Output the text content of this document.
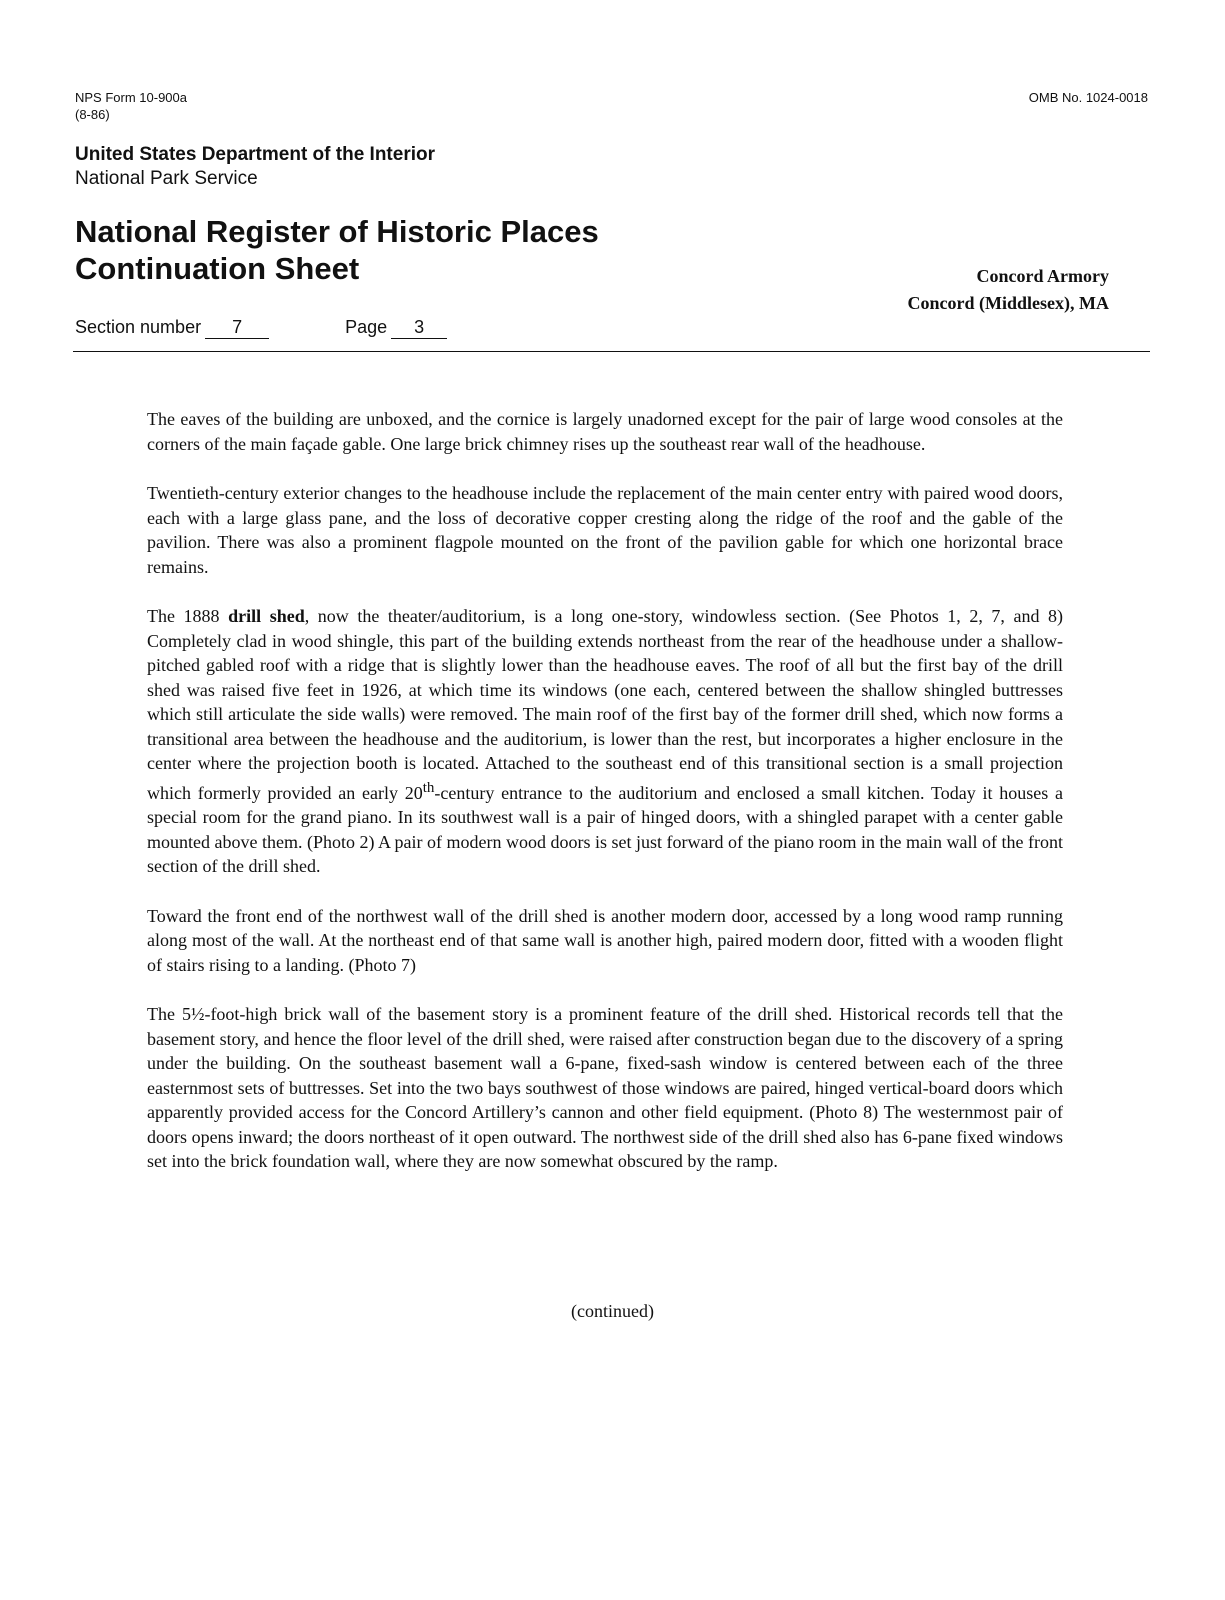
NPS Form 10-900a
(8-86)
OMB No. 1024-0018
United States Department of the Interior
National Park Service
National Register of Historic Places
Continuation Sheet	Concord Armory
Concord (Middlesex), MA
Section number 7	Page 3

The eaves of the building are unboxed, and the cornice is largely unadorned except for the pair of large wood consoles at the corners of the main façade gable. One large brick chimney rises up the southeast rear wall of the headhouse.

Twentieth-century exterior changes to the headhouse include the replacement of the main center entry with paired wood doors, each with a large glass pane, and the loss of decorative copper cresting along the ridge of the roof and the gable of the pavilion. There was also a prominent flagpole mounted on the front of the pavilion gable for which one horizontal brace remains.

The 1888 drill shed, now the theater/auditorium, is a long one-story, windowless section. (See Photos 1, 2, 7, and 8) Completely clad in wood shingle, this part of the building extends northeast from the rear of the headhouse under a shallow-pitched gabled roof with a ridge that is slightly lower than the headhouse eaves. The roof of all but the first bay of the drill shed was raised five feet in 1926, at which time its windows (one each, centered between the shallow shingled buttresses which still articulate the side walls) were removed. The main roof of the first bay of the former drill shed, which now forms a transitional area between the headhouse and the auditorium, is lower than the rest, but incorporates a higher enclosure in the center where the projection booth is located. Attached to the southeast end of this transitional section is a small projection which formerly provided an early 20th-century entrance to the auditorium and enclosed a small kitchen. Today it houses a special room for the grand piano. In its southwest wall is a pair of hinged doors, with a shingled parapet with a center gable mounted above them. (Photo 2) A pair of modern wood doors is set just forward of the piano room in the main wall of the front section of the drill shed.

Toward the front end of the northwest wall of the drill shed is another modern door, accessed by a long wood ramp running along most of the wall. At the northeast end of that same wall is another high, paired modern door, fitted with a wooden flight of stairs rising to a landing. (Photo 7)

The 5½-foot-high brick wall of the basement story is a prominent feature of the drill shed. Historical records tell that the basement story, and hence the floor level of the drill shed, were raised after construction began due to the discovery of a spring under the building. On the southeast basement wall a 6-pane, fixed-sash window is centered between each of the three easternmost sets of buttresses. Set into the two bays southwest of those windows are paired, hinged vertical-board doors which apparently provided access for the Concord Artillery’s cannon and other field equipment. (Photo 8) The westernmost pair of doors opens inward; the doors northeast of it open outward. The northwest side of the drill shed also has 6-pane fixed windows set into the brick foundation wall, where they are now somewhat obscured by the ramp.

(continued)
